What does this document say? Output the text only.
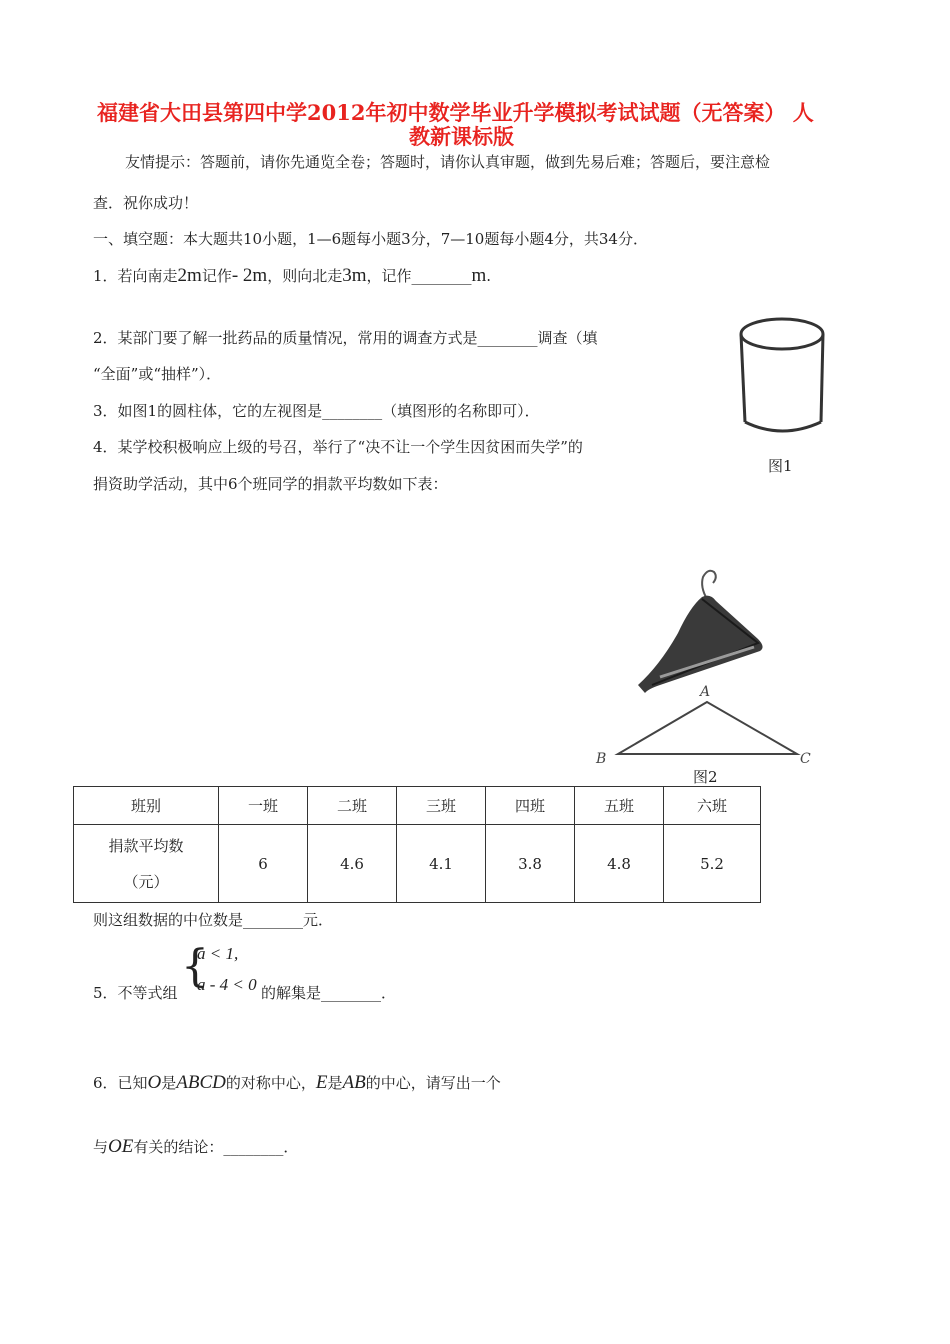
福建省大田县第四中学2012年初中数学毕业升学模拟考试试题（无答案） 人
教新课标版
友情提示：答题前，请你先通览全卷；答题时，请你认真审题，做到先易后难；答题后，要注意检
查．祝你成功！
一、填空题：本大题共10小题，1—6题每小题3分，7—10题每小题4分，共34分．
1．若向南走2m记作- 2m，则向北走3m，记作________m.
2．某部门要了解一批药品的质量情况，常用的调查方式是________调查（填
“全面”或“抽样”）．
3．如图1的圆柱体，它的左视图是________（填图形的名称即可）．
4．某学校积极响应上级的号召，举行了“决不让一个学生因贫困而失学”的
捐资助学活动，其中6个班同学的捐款平均数如下表：
图1
A
B	C
图2
班别	一班	二班	三班	四班	五班	六班

捐款平均数
（元）	6	4.6	4.1	3.8	4.8	5.2
则这组数据的中位数是________元．
5．不等式组
{
a < 1,
a - 4 < 0 的解集是________．
6．已知O是ABCD的对称中心，E是AB的中心，请写出一个
与OE有关的结论：________．
